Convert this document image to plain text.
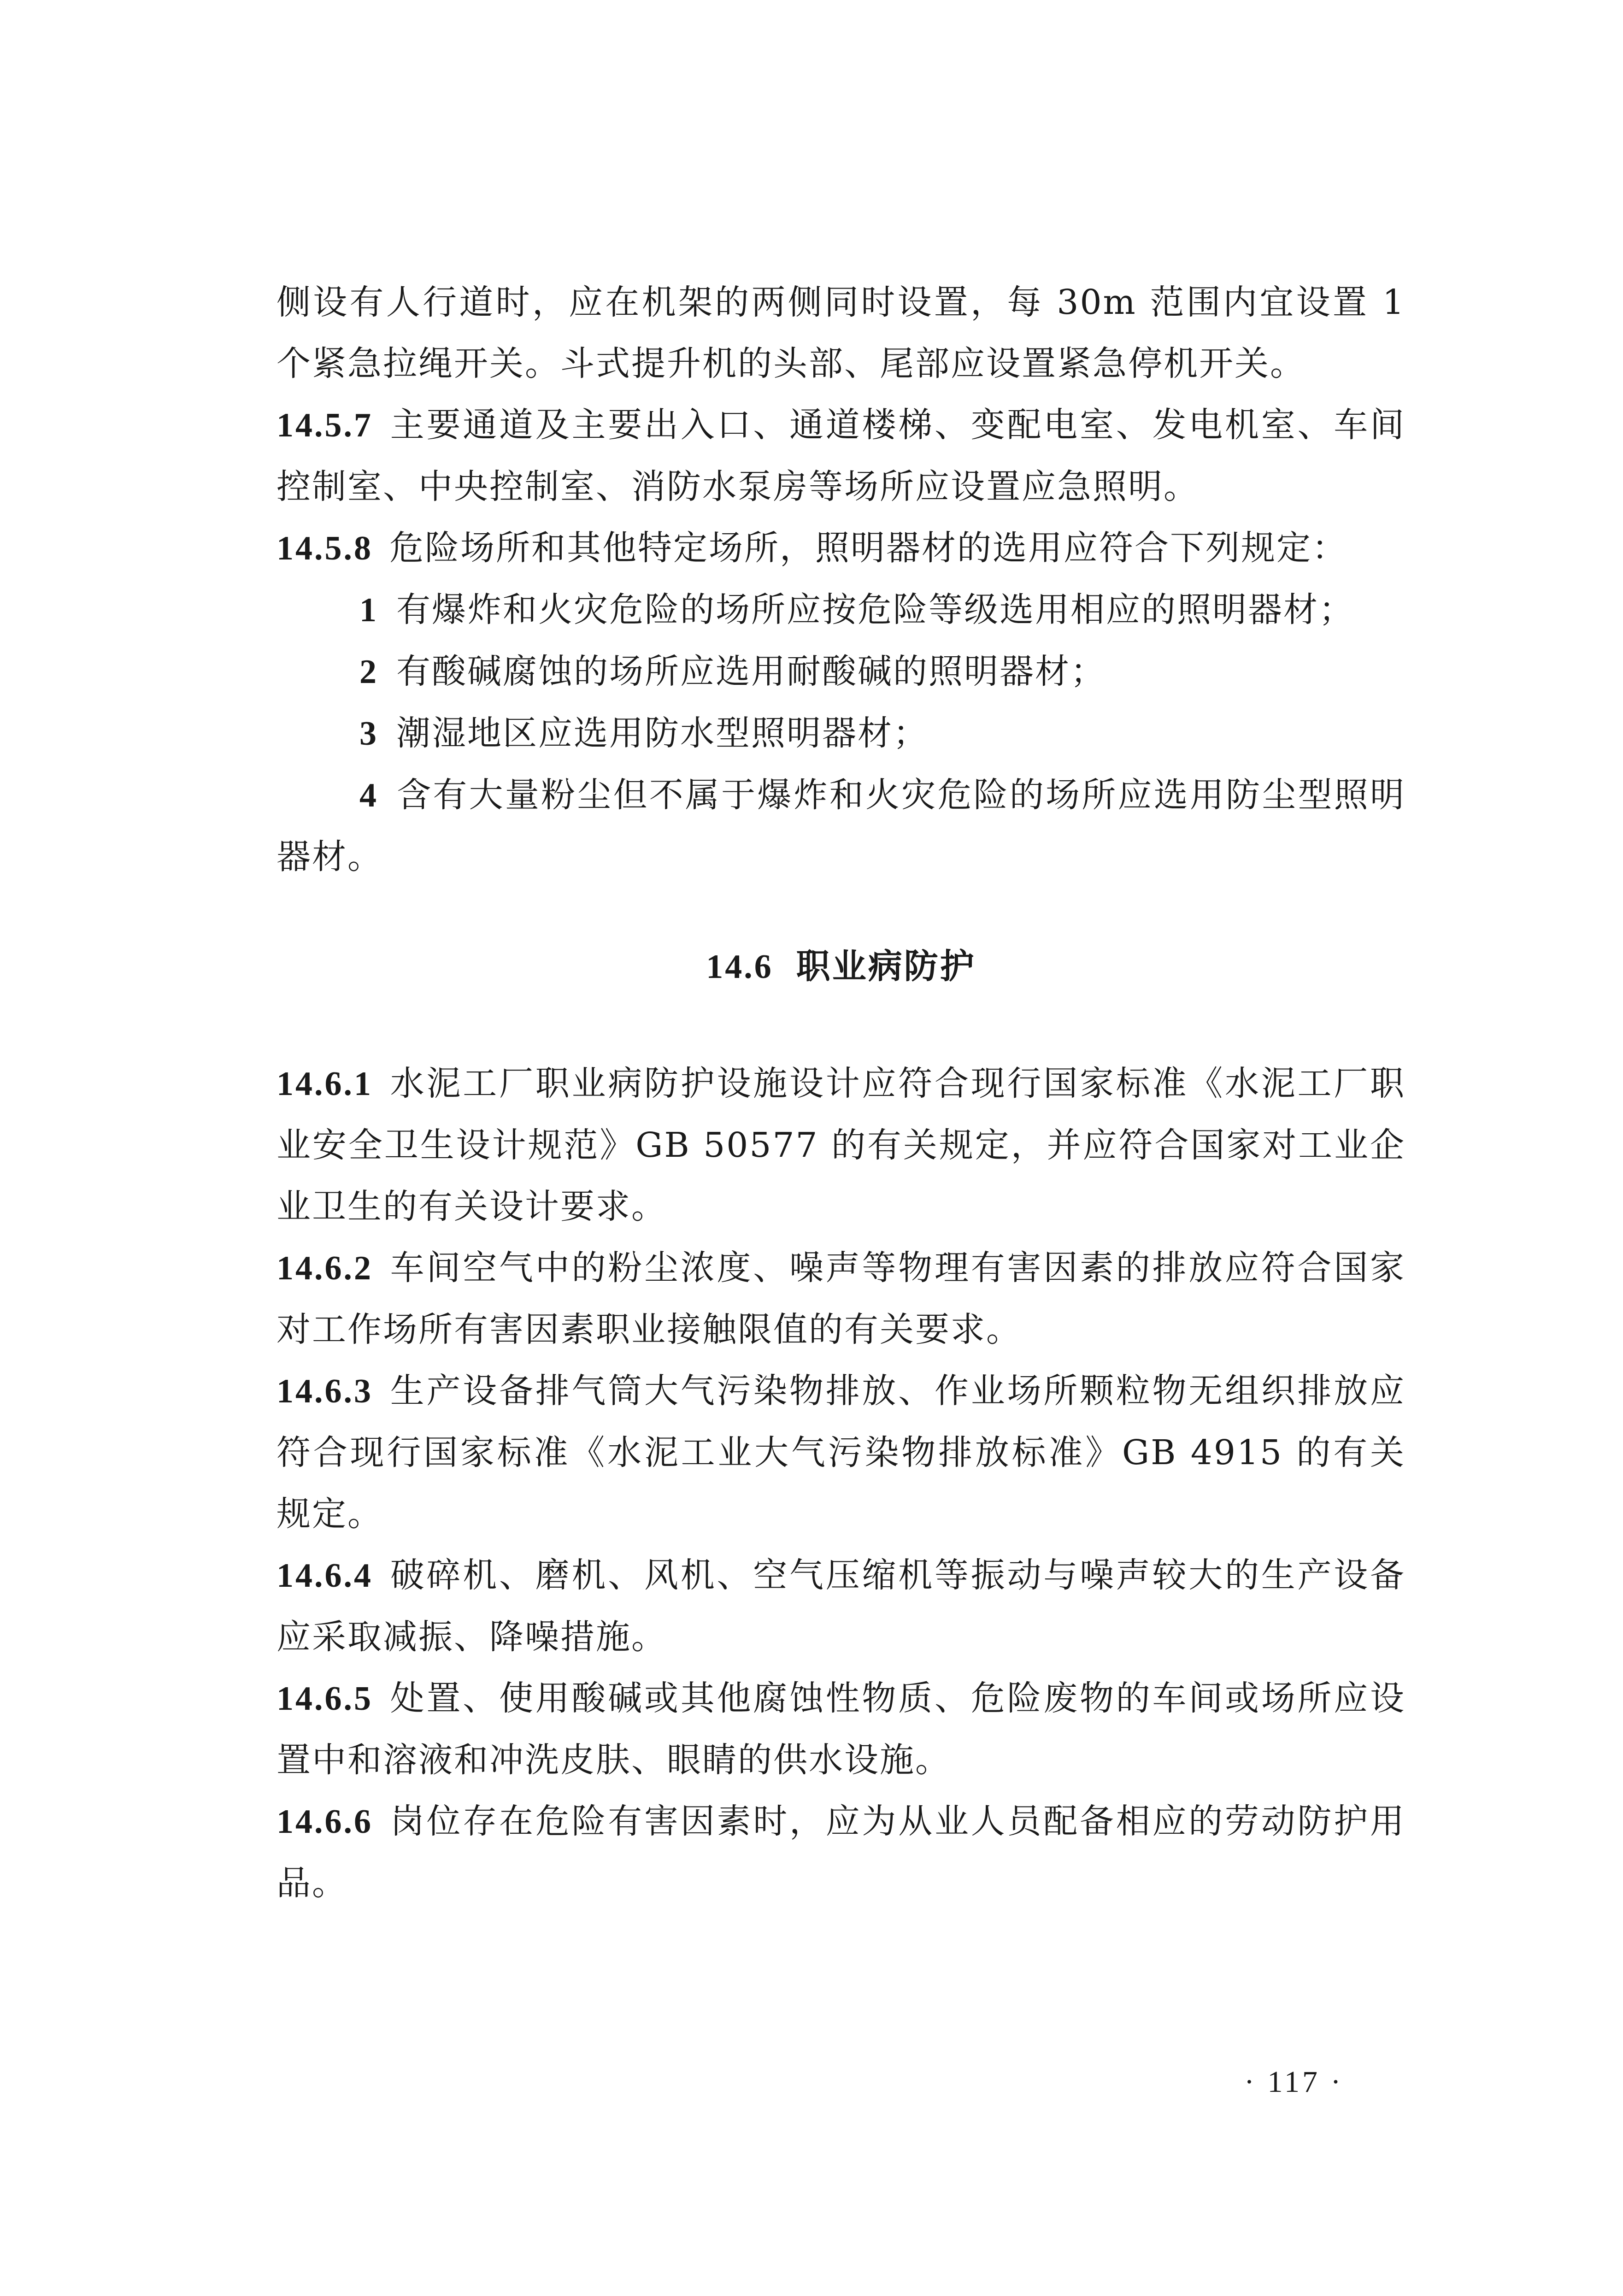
侧设有人行道时，应在机架的两侧同时设置，每 30m 范围内宜设置 1 个紧急拉绳开关。斗式提升机的头部、尾部应设置紧急停机开关。

14.5.7 主要通道及主要出入口、通道楼梯、变配电室、发电机室、车间控制室、中央控制室、消防水泵房等场所应设置应急照明。

14.5.8 危险场所和其他特定场所，照明器材的选用应符合下列规定：

1 有爆炸和火灾危险的场所应按危险等级选用相应的照明器材；

2 有酸碱腐蚀的场所应选用耐酸碱的照明器材；

3 潮湿地区应选用防水型照明器材；

4 含有大量粉尘但不属于爆炸和火灾危险的场所应选用防尘型照明器材。

14.6 职业病防护

14.6.1 水泥工厂职业病防护设施设计应符合现行国家标准《水泥工厂职业安全卫生设计规范》GB 50577 的有关规定，并应符合国家对工业企业卫生的有关设计要求。

14.6.2 车间空气中的粉尘浓度、噪声等物理有害因素的排放应符合国家对工作场所有害因素职业接触限值的有关要求。

14.6.3 生产设备排气筒大气污染物排放、作业场所颗粒物无组织排放应符合现行国家标准《水泥工业大气污染物排放标准》GB 4915 的有关规定。

14.6.4 破碎机、磨机、风机、空气压缩机等振动与噪声较大的生产设备应采取减振、降噪措施。

14.6.5 处置、使用酸碱或其他腐蚀性物质、危险废物的车间或场所应设置中和溶液和冲洗皮肤、眼睛的供水设施。

14.6.6 岗位存在危险有害因素时，应为从业人员配备相应的劳动防护用品。

· 117 ·
